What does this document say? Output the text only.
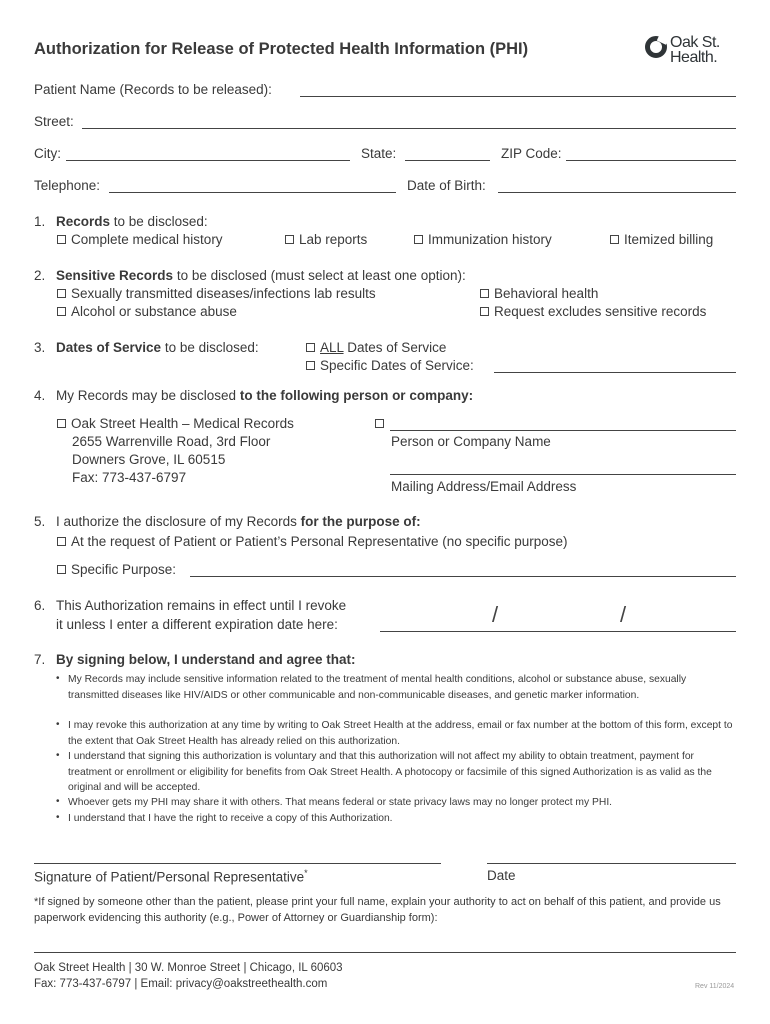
Authorization for Release of Protected Health Information (PHI)	Oak St.
Health.
Patient Name (Records to be released):
Street:
City:	State:	ZIP Code:
Telephone:	Date of Birth:
1. Records to be disclosed:
Complete medical history	Lab reports	Immunization history	Itemized billing
2. Sensitive Records to be disclosed (must select at least one option):
Sexually transmitted diseases/infections lab results	Behavioral health
Alcohol or substance abuse	Request excludes sensitive records
3. Dates of Service to be disclosed:	ALL Dates of Service
Specific Dates of Service:
4. My Records may be disclosed to the following person or company:
Oak Street Health – Medical Records
2655 Warrenville Road, 3rd Floor
Downers Grove, IL 60515
Fax: 773-437-6797
Person or Company Name
Mailing Address/Email Address
5. I authorize the disclosure of my Records for the purpose of:
At the request of Patient or Patient’s Personal Representative (no specific purpose)
Specific Purpose:
6. This Authorization remains in effect until I revoke
it unless I enter a different expiration date here:	/	/
7. By signing below, I understand and agree that:
• My Records may include sensitive information related to the treatment of mental health conditions, alcohol or substance abuse, sexually transmitted diseases like HIV/AIDS or other communicable and non-communicable diseases, and genetic marker information.
• I may revoke this authorization at any time by writing to Oak Street Health at the address, email or fax number at the bottom of this form, except to the extent that Oak Street Health has already relied on this authorization.
• I understand that signing this authorization is voluntary and that this authorization will not affect my ability to obtain treatment, payment for treatment or enrollment or eligibility for benefits from Oak Street Health. A photocopy or facsimile of this signed Authorization is as valid as the original and will be accepted.
• Whoever gets my PHI may share it with others. That means federal or state privacy laws may no longer protect my PHI.
• I understand that I have the right to receive a copy of this Authorization.
Signature of Patient/Personal Representative*	Date
*If signed by someone other than the patient, please print your full name, explain your authority to act on behalf of this patient, and provide us paperwork evidencing this authority (e.g., Power of Attorney or Guardianship form):
Oak Street Health | 30 W. Monroe Street | Chicago, IL 60603
Fax: 773-437-6797 | Email: privacy@oakstreethealth.com	Rev 11/2024
